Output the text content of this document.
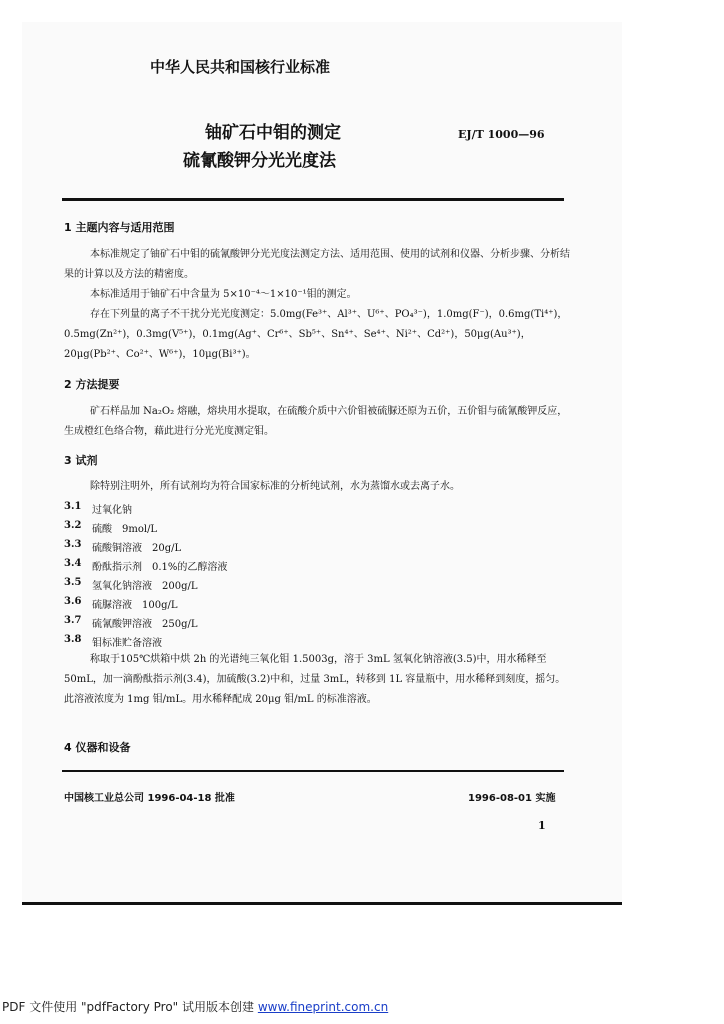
中华人民共和国核行业标准
铀矿石中钼的测定
硫氰酸钾分光光度法
EJ/T 1000—96
1 主题内容与适用范围
本标准规定了铀矿石中钼的硫氰酸钾分光光度法测定方法、适用范围、使用的试剂和仪器、分析步骤、分析结果的计算以及方法的精密度。
本标准适用于铀矿石中含量为 5×10⁻⁴～1×10⁻¹钼的测定。
存在下列量的离子不干扰分光光度测定：5.0mg(Fe³⁺、Al³⁺、U⁶⁺、PO₄³⁻)，1.0mg(F⁻)，0.6mg(Ti⁴⁺)，0.5mg(Zn²⁺)，0.3mg(V⁵⁺)，0.1mg(Ag⁺、Cr⁶⁺、Sb⁵⁺、Sn⁴⁺、Se⁴⁺、Ni²⁺、Cd²⁺)，50μg(Au³⁺)，20μg(Pb²⁺、Co²⁺、W⁶⁺)，10μg(Bi³⁺)。
2 方法提要
矿石样品加 Na₂O₂ 熔融，熔块用水提取，在硫酸介质中六价钼被硫脲还原为五价，五价钼与硫氰酸钾反应，生成橙红色络合物，藉此进行分光光度测定钼。
3 试剂
除特别注明外，所有试剂均为符合国家标准的分析纯试剂，水为蒸馏水或去离子水。
3.1 过氧化钠
3.2 硫酸　9mol/L
3.3 硫酸铜溶液　20g/L
3.4 酚酞指示剂　0.1%的乙醇溶液
3.5 氢氧化钠溶液　200g/L
3.6 硫脲溶液　100g/L
3.7 硫氰酸钾溶液　250g/L
3.8 钼标准贮备溶液
称取于105℃烘箱中烘 2h 的光谱纯三氧化钼 1.5003g，溶于 3mL 氢氧化钠溶液(3.5)中，用水稀释至 50mL，加一滴酚酞指示剂(3.4)，加硫酸(3.2)中和，过量 3mL，转移到 1L 容量瓶中，用水稀释到刻度，摇匀。此溶液浓度为 1mg 钼/mL。用水稀释配成 20μg 钼/mL 的标准溶液。
4 仪器和设备
中国核工业总公司 1996-04-18 批准	1996-08-01 实施
1
PDF 文件使用 "pdfFactory Pro" 试用版本创建 www.fineprint.com.cn
